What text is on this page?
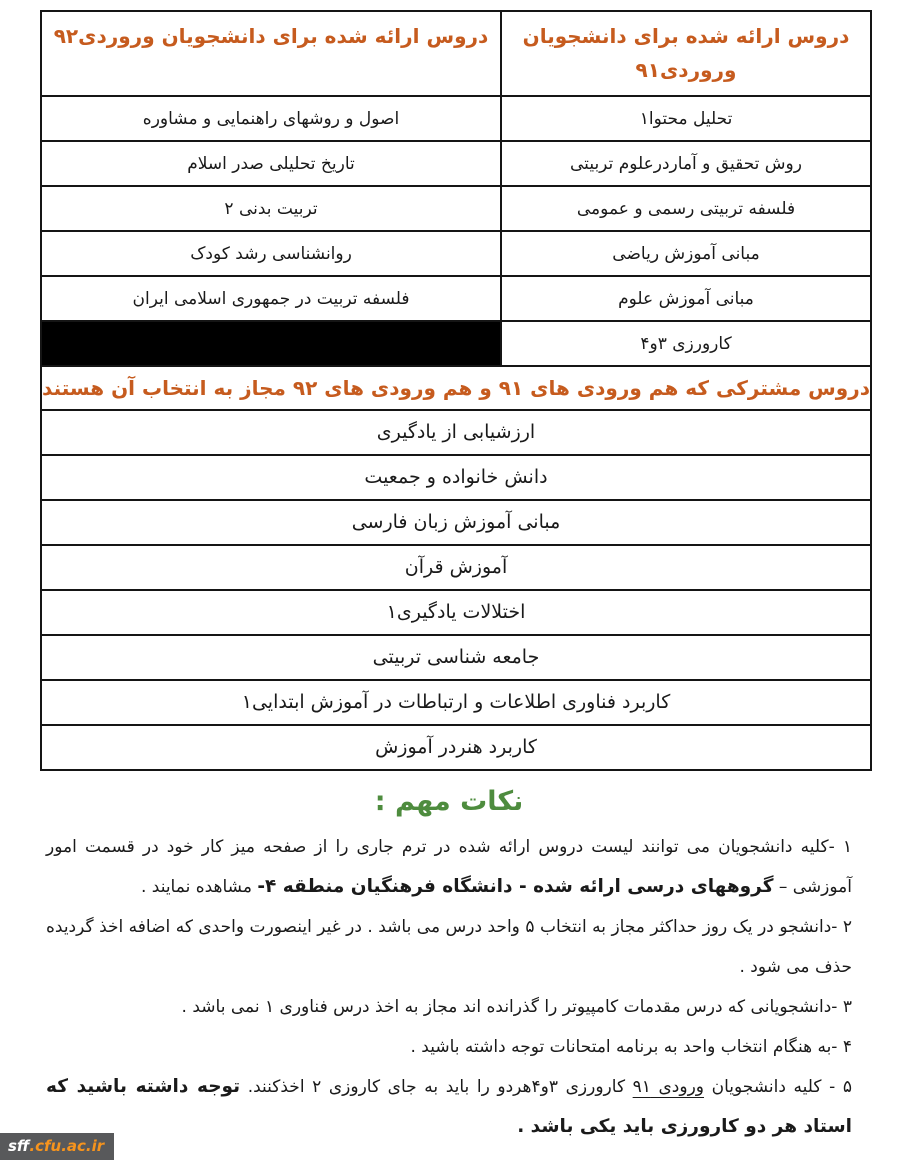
دروس ارائه شده برای دانشجویان
وروردی۹۱
دروس ارائه شده برای دانشجویان وروردی۹۲
تحلیل محتوا۱
اصول و روشهای راهنمایی و مشاوره
روش تحقیق و آماردرعلوم تربیتی
تاریخ تحلیلی صدر اسلام
فلسفه تربیتی رسمی و عمومی
تربیت بدنی ۲
مبانی آموزش ریاضی
روانشناسی رشد کودک
مبانی آموزش علوم
فلسفه تربیت در جمهوری اسلامی ایران
کارورزی ۳و۴
دروس مشترکی که هم ورودی های ۹۱ و هم ورودی های ۹۲ مجاز به انتخاب آن هستند
ارزشیابی از یادگیری
دانش خانواده و جمعیت
مبانی آموزش زبان فارسی
آموزش قرآن
اختلالات یادگیری۱
جامعه شناسی تربیتی
کاربرد فناوری اطلاعات و ارتباطات در آموزش ابتدایی۱
کاربرد هنردر آموزش
نکات مهم :

۱ -کلیه دانشجویان می توانند لیست دروس ارائه شده در ترم جاری را از صفحه میز کار خود در قسمت امور آموزشی – گروههای درسی ارائه شده - دانشگاه فرهنگیان منطقه ۴- مشاهده نمایند .

۲ -دانشجو در یک روز حداکثر مجاز به انتخاب ۵ واحد درس می باشد . در غیر اینصورت واحدی که اضافه اخذ گردیده حذف می شود .

۳ -دانشجویانی که درس مقدمات کامپیوتر را گذرانده اند مجاز به اخذ درس فناوری ۱ نمی باشد .

۴ -به هنگام انتخاب واحد به برنامه امتحانات توجه داشته باشید .

۵ - کلیه دانشجویان ورودی ۹۱ کارورزی ۳و۴هردو را باید به جای کاروزی ۲ اخذکنند. توجه داشته باشید که استاد هر دو کارورزی باید یکی باشد .

sff.cfu.ac.ir
